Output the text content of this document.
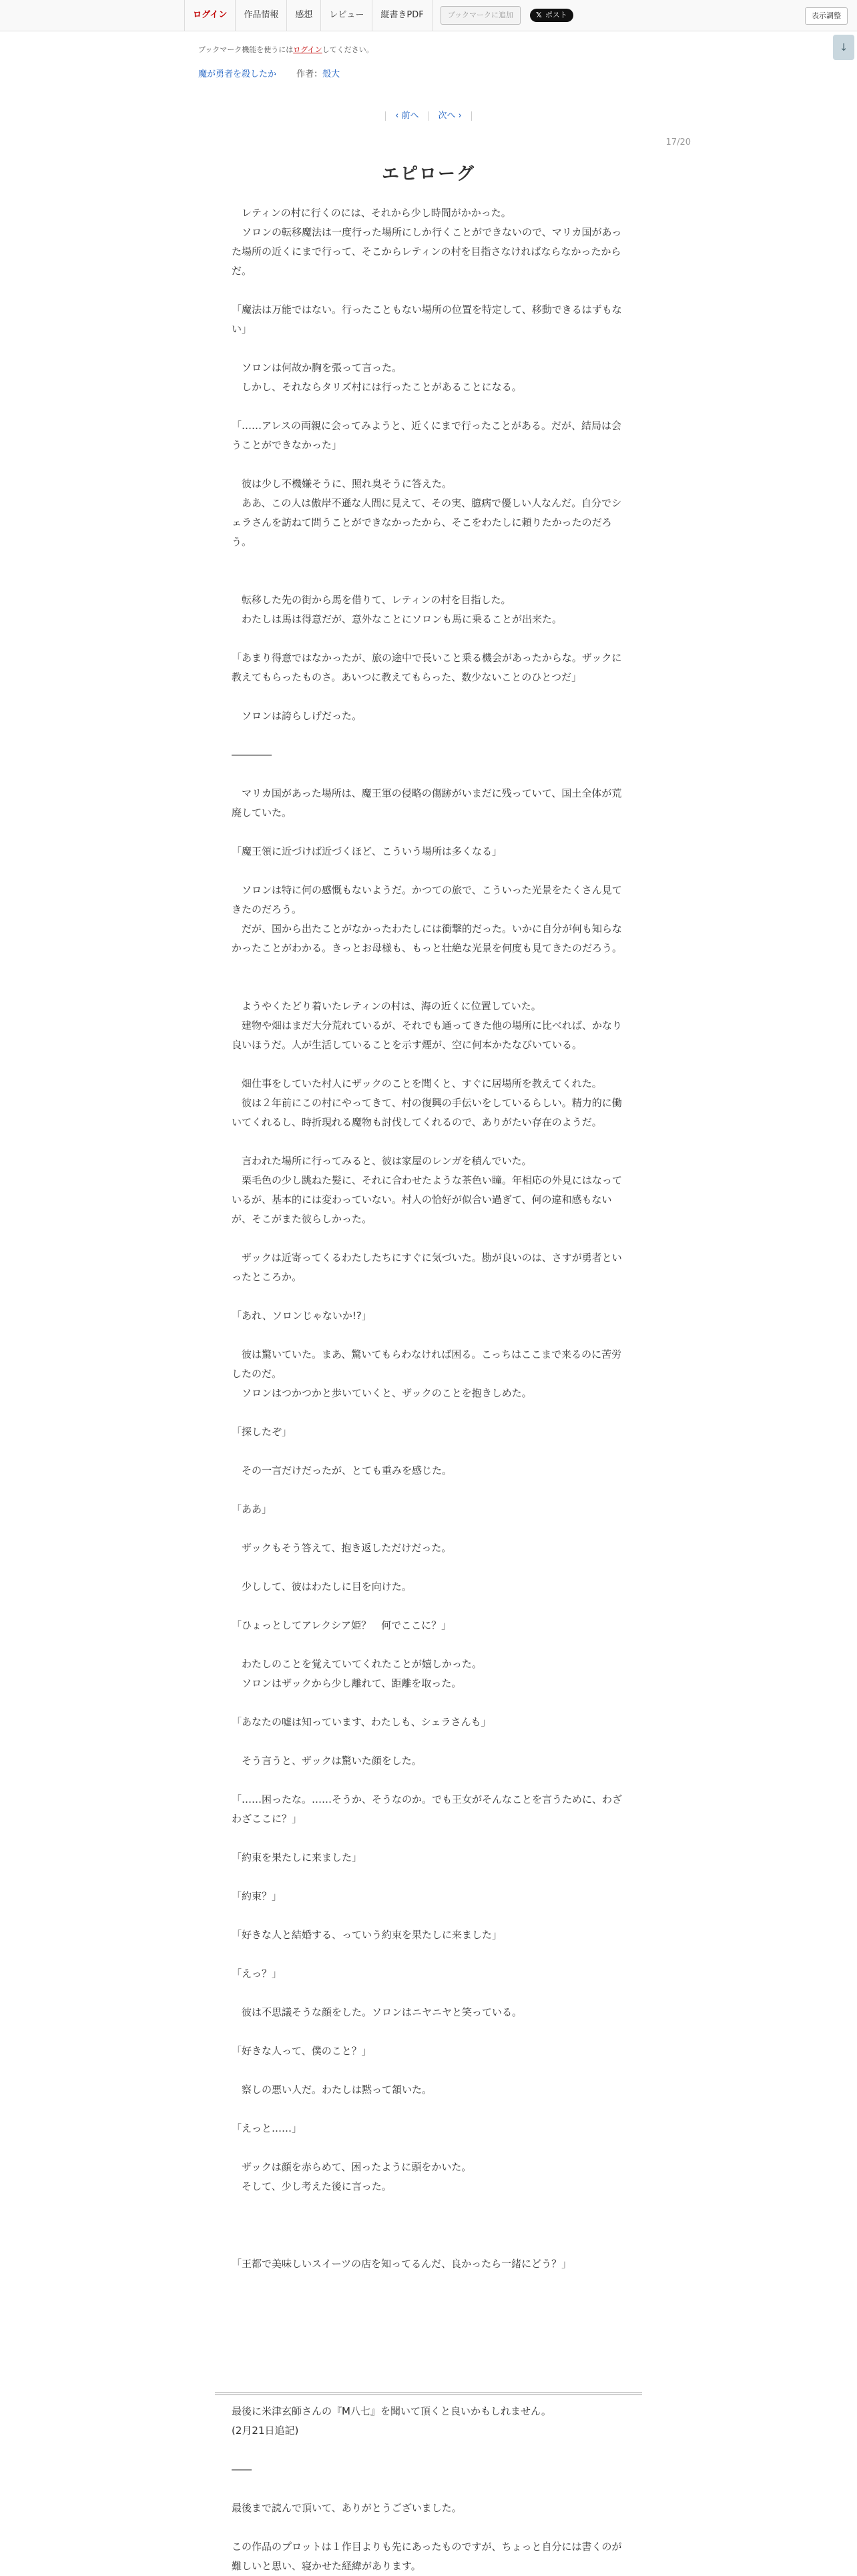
ログイン	作品情報	感想	レビュー	縦書きPDF	ブックマークに追加	𝕏 ポスト	表示調整
↓
ブックマーク機能を使うにはログインしてください。
魔が勇者を殺したか 作者：殻大
‹ 前へ 次へ ›
17/20
エピローグ

　レティンの村に行くのには、それから少し時間がかかった。

　ソロンの転移魔法は一度行った場所にしか行くことができないので、マリカ国があった場所の近くにまで行って、そこからレティンの村を目指さなければならなかったからだ。

「魔法は万能ではない。行ったこともない場所の位置を特定して、移動できるはずもない」

　ソロンは何故か胸を張って言った。

　しかし、それならタリズ村には行ったことがあることになる。

「……アレスの両親に会ってみようと、近くにまで行ったことがある。だが、結局は会うことができなかった」

　彼は少し不機嫌そうに、照れ臭そうに答えた。

　ああ、この人は傲岸不遜な人間に見えて、その実、臆病で優しい人なんだ。自分でシェラさんを訪ねて問うことができなかったから、そこをわたしに頼りたかったのだろう。

　転移した先の街から馬を借りて、レティンの村を目指した。

　わたしは馬は得意だが、意外なことにソロンも馬に乗ることが出来た。

「あまり得意ではなかったが、旅の途中で長いこと乗る機会があったからな。ザックに教えてもらったものさ。あいつに教えてもらった、数少ないことのひとつだ」

　ソロンは誇らしげだった。

――――

　マリカ国があった場所は、魔王軍の侵略の傷跡がいまだに残っていて、国土全体が荒廃していた。

「魔王領に近づけば近づくほど、こういう場所は多くなる」

　ソロンは特に何の感慨もないようだ。かつての旅で、こういった光景をたくさん見てきたのだろう。

　だが、国から出たことがなかったわたしには衝撃的だった。いかに自分が何も知らなかったことがわかる。きっとお母様も、もっと壮絶な光景を何度も見てきたのだろう。

　ようやくたどり着いたレティンの村は、海の近くに位置していた。

　建物や畑はまだ大分荒れているが、それでも通ってきた他の場所に比べれば、かなり良いほうだ。人が生活していることを示す煙が、空に何本かたなびいている。

　畑仕事をしていた村人にザックのことを聞くと、すぐに居場所を教えてくれた。

　彼は２年前にこの村にやってきて、村の復興の手伝いをしているらしい。精力的に働いてくれるし、時折現れる魔物も討伐してくれるので、ありがたい存在のようだ。

　言われた場所に行ってみると、彼は家屋のレンガを積んでいた。

　栗毛色の少し跳ねた髪に、それに合わせたような茶色い瞳。年相応の外見にはなっているが、基本的には変わっていない。村人の恰好が似合い過ぎて、何の違和感もないが、そこがまた彼らしかった。

　ザックは近寄ってくるわたしたちにすぐに気づいた。勘が良いのは、さすが勇者といったところか。

「あれ、ソロンじゃないか!?」

　彼は驚いていた。まあ、驚いてもらわなければ困る。こっちはここまで来るのに苦労したのだ。

　ソロンはつかつかと歩いていくと、ザックのことを抱きしめた。

「探したぞ」

　その一言だけだったが、とても重みを感じた。

「ああ」

　ザックもそう答えて、抱き返しただけだった。

　少しして、彼はわたしに目を向けた。

「ひょっとしてアレクシア姫？　何でここに？」

　わたしのことを覚えていてくれたことが嬉しかった。

　ソロンはザックから少し離れて、距離を取った。

「あなたの嘘は知っています、わたしも、シェラさんも」

　そう言うと、ザックは驚いた顔をした。

「……困ったな。……そうか、そうなのか。でも王女がそんなことを言うために、わざわざここに？」

「約束を果たしに来ました」

「約束？」

「好きな人と結婚する、っていう約束を果たしに来ました」

「えっ？」

　彼は不思議そうな顔をした。ソロンはニヤニヤと笑っている。

「好きな人って、僕のこと？」

　察しの悪い人だ。わたしは黙って頷いた。

「えっと……」

　ザックは顔を赤らめて、困ったように頭をかいた。

　そして、少し考えた後に言った。

「王都で美味しいスイーツの店を知ってるんだ、良かったら一緒にどう？」

最後に米津玄師さんの『M八七』を聞いて頂くと良いかもしれません。

(2月21日追記)

――

最後まで読んで頂いて、ありがとうございました。

この作品のプロットは１作目よりも先にあったものですが、ちょっと自分には書くのが難しいと思い、寝かせた経緯があります。
